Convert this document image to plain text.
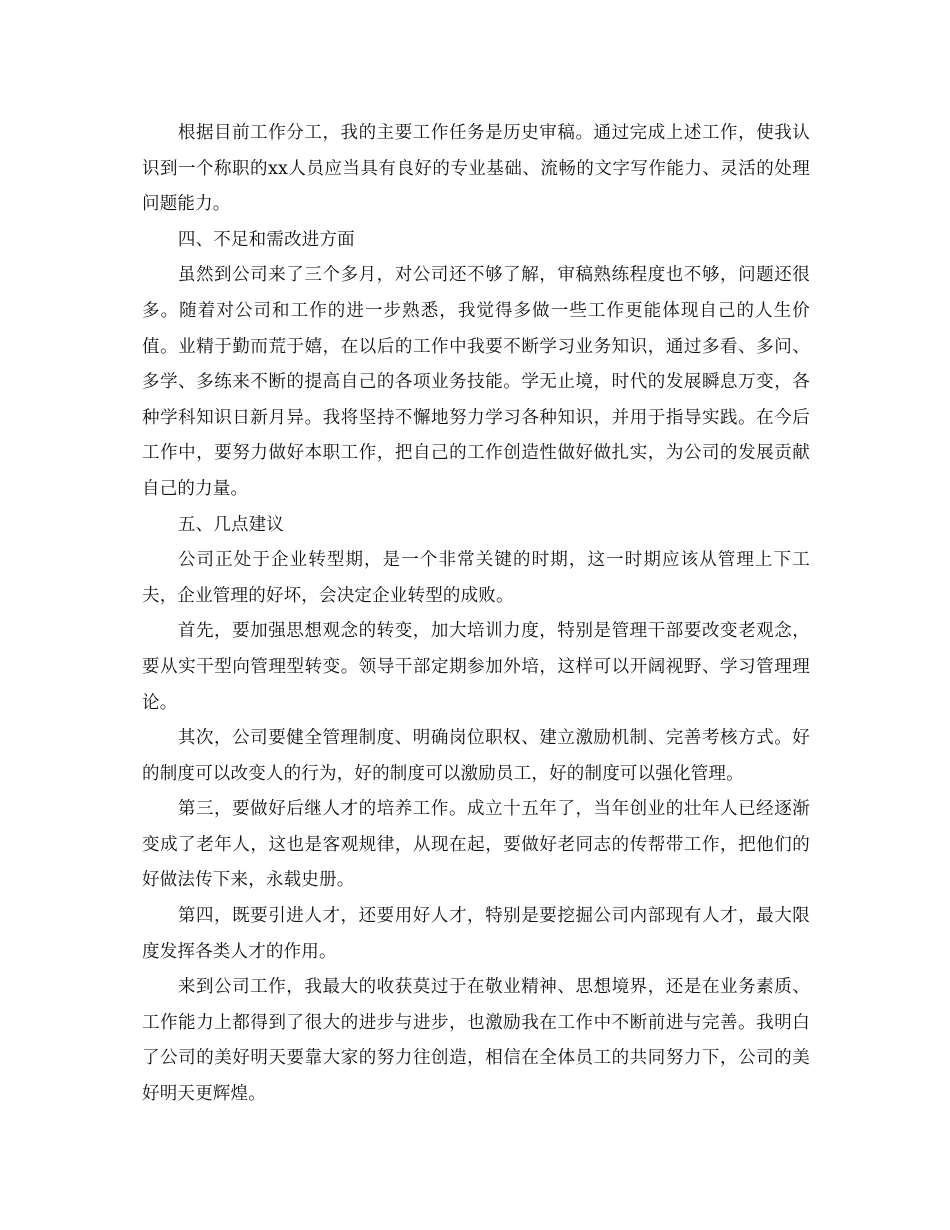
根据目前工作分工，我的主要工作任务是历史审稿。通过完成上述工作，使我认识到一个称职的xx人员应当具有良好的专业基础、流畅的文字写作能力、灵活的处理问题能力。

四、不足和需改进方面

虽然到公司来了三个多月，对公司还不够了解，审稿熟练程度也不够，问题还很多。随着对公司和工作的进一步熟悉，我觉得多做一些工作更能体现自己的人生价值。业精于勤而荒于嬉，在以后的工作中我要不断学习业务知识，通过多看、多问、多学、多练来不断的提高自己的各项业务技能。学无止境，时代的发展瞬息万变，各种学科知识日新月异。我将坚持不懈地努力学习各种知识，并用于指导实践。在今后工作中，要努力做好本职工作，把自己的工作创造性做好做扎实，为公司的发展贡献自己的力量。

五、几点建议

公司正处于企业转型期，是一个非常关键的时期，这一时期应该从管理上下工夫，企业管理的好坏，会决定企业转型的成败。

首先，要加强思想观念的转变，加大培训力度，特别是管理干部要改变老观念，要从实干型向管理型转变。领导干部定期参加外培，这样可以开阔视野、学习管理理论。

其次，公司要健全管理制度、明确岗位职权、建立激励机制、完善考核方式。好的制度可以改变人的行为，好的制度可以激励员工，好的制度可以强化管理。

第三，要做好后继人才的培养工作。成立十五年了，当年创业的壮年人已经逐渐变成了老年人，这也是客观规律，从现在起，要做好老同志的传帮带工作，把他们的好做法传下来，永载史册。

第四，既要引进人才，还要用好人才，特别是要挖掘公司内部现有人才，最大限度发挥各类人才的作用。

来到公司工作，我最大的收获莫过于在敬业精神、思想境界，还是在业务素质、工作能力上都得到了很大的进步与进步，也激励我在工作中不断前进与完善。我明白了公司的美好明天要靠大家的努力往创造，相信在全体员工的共同努力下，公司的美好明天更辉煌。
